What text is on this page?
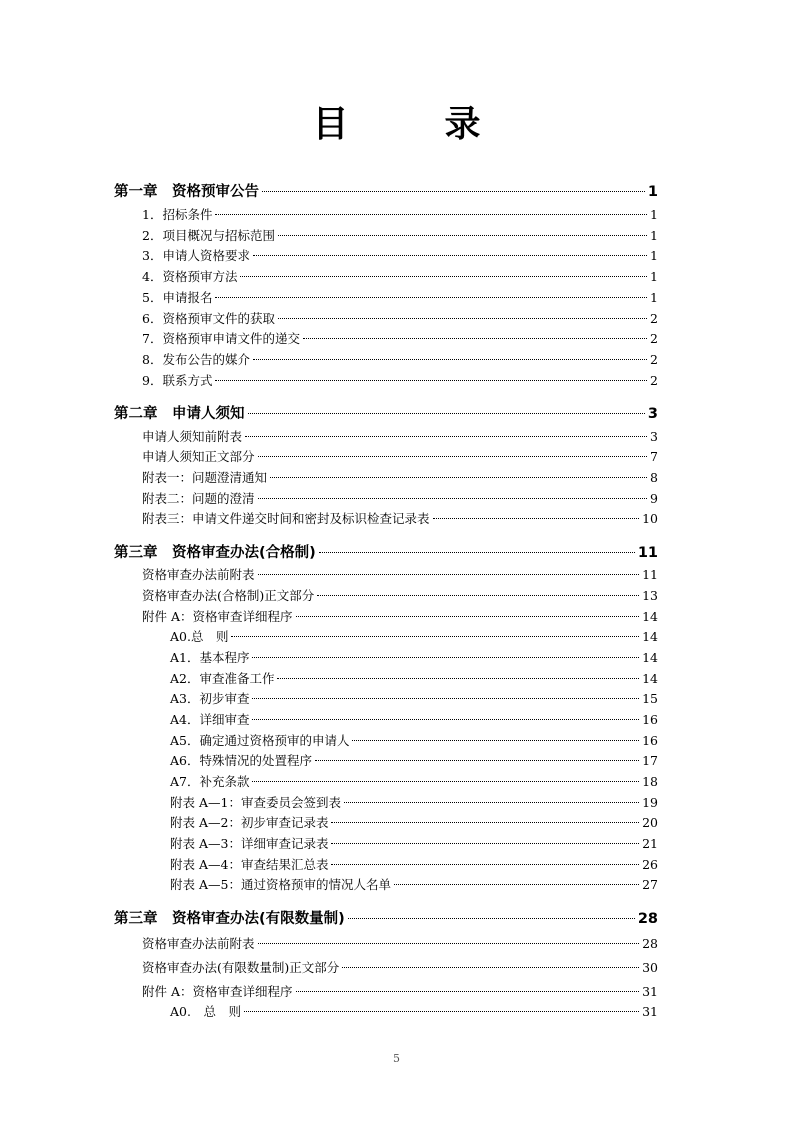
目　录
第一章　资格预审公告	1
1．招标条件	1
2．项目概况与招标范围	1
3．申请人资格要求	1
4．资格预审方法	1
5．申请报名	1
6．资格预审文件的获取	2
7．资格预审申请文件的递交	2
8．发布公告的媒介	2
9．联系方式	2
第二章　申请人须知	3
申请人须知前附表	3
申请人须知正文部分	7
附表一：问题澄清通知	8
附表二：问题的澄清	9
附表三：申请文件递交时间和密封及标识检查记录表	10
第三章　资格审查办法(合格制)	11
资格审查办法前附表	11
资格审查办法(合格制)正文部分	13
附件 A：资格审查详细程序	14
A0.总　则	14
A1．基本程序	14
A2．审查准备工作	14
A3．初步审查	15
A4．详细审查	16
A5．确定通过资格预审的申请人	16
A6．特殊情况的处置程序	17
A7．补充条款	18
附表 A—1：审查委员会签到表	19
附表 A—2：初步审查记录表	20
附表 A—3：详细审查记录表	21
附表 A—4：审查结果汇总表	26
附表 A—5：通过资格预审的情况人名单	27
第三章　资格审查办法(有限数量制)	28
资格审查办法前附表	28
资格审查办法(有限数量制)正文部分	30
附件 A：资格审查详细程序	31
A0.　总　则	31
5
